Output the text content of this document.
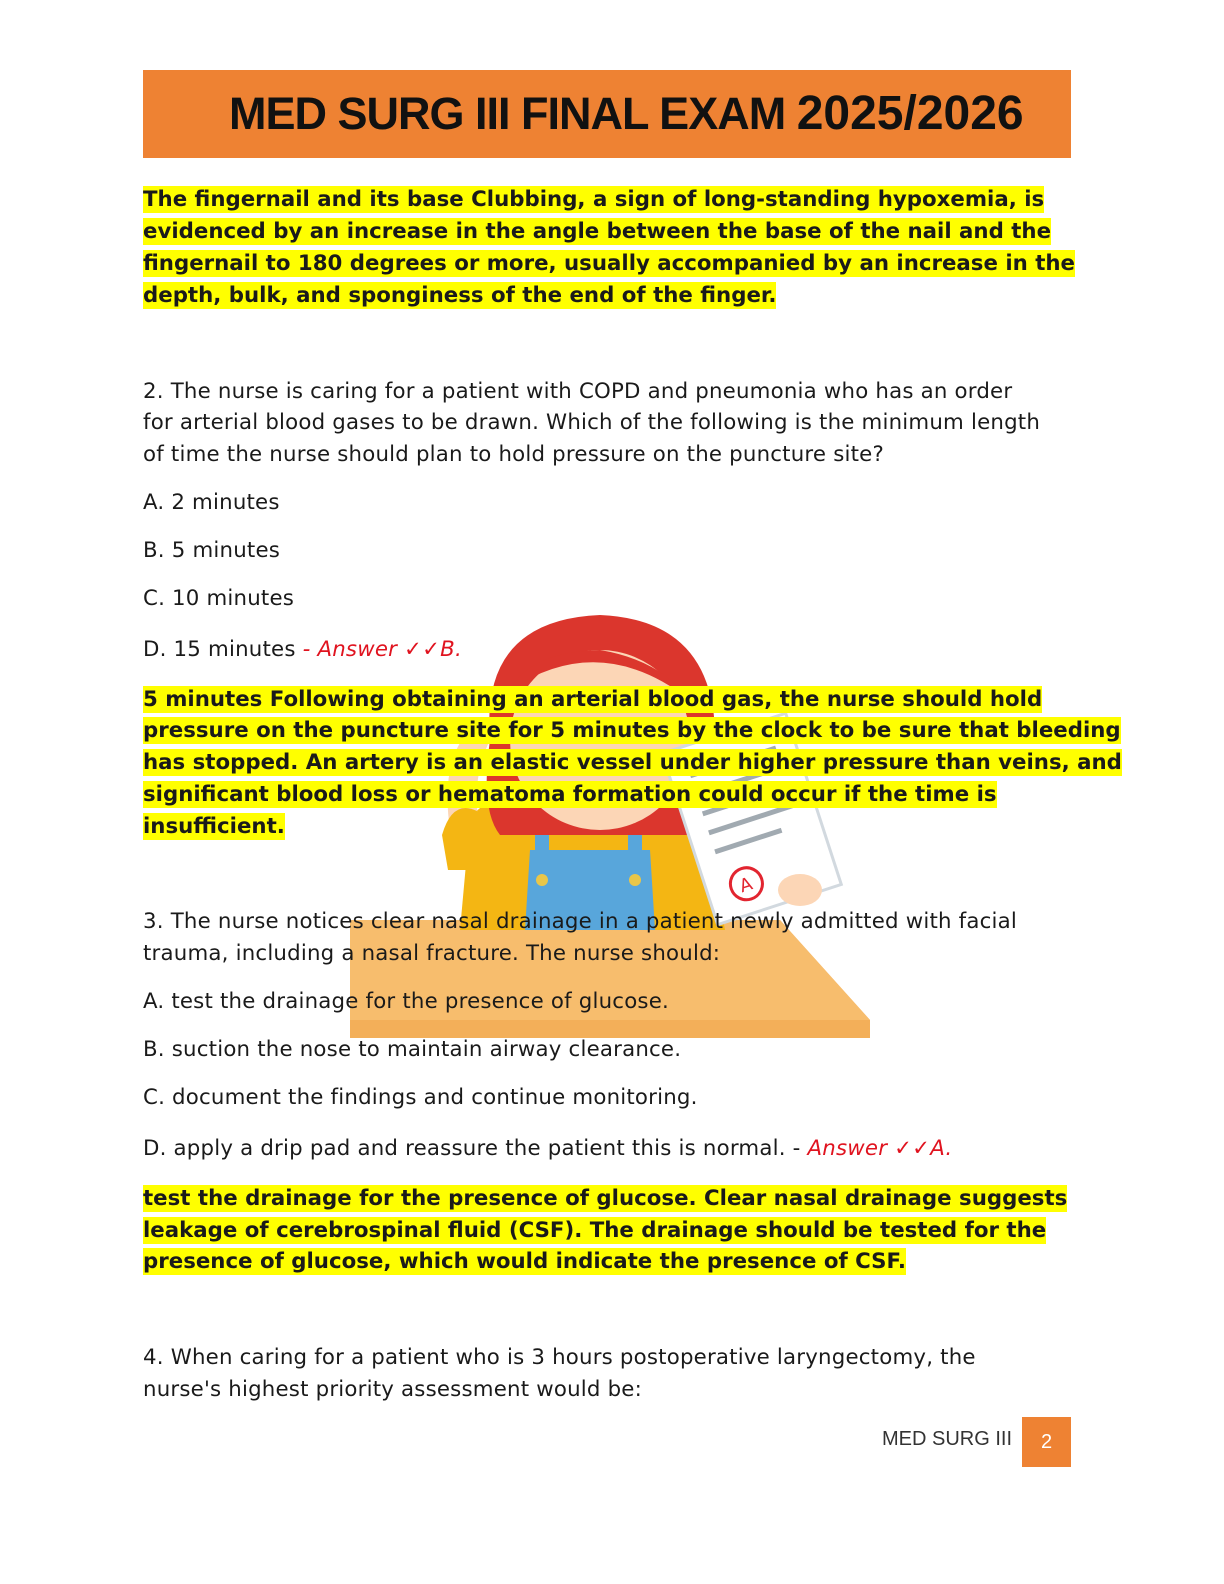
MED SURG III FINAL EXAM 2025/2026
A
The fingernail and its base Clubbing, a sign of long-standing hypoxemia, is
evidenced by an increase in the angle between the base of the nail and the
fingernail to 180 degrees or more, usually accompanied by an increase in the
depth, bulk, and sponginess of the end of the finger.
2. The nurse is caring for a patient with COPD and pneumonia who has an order
for arterial blood gases to be drawn. Which of the following is the minimum length
of time the nurse should plan to hold pressure on the puncture site?
A. 2 minutes
B. 5 minutes
C. 10 minutes
D. 15 minutes - Answer ✓✓B.
5 minutes Following obtaining an arterial blood gas, the nurse should hold
pressure on the puncture site for 5 minutes by the clock to be sure that bleeding
has stopped. An artery is an elastic vessel under higher pressure than veins, and
significant blood loss or hematoma formation could occur if the time is
insufficient.
3. The nurse notices clear nasal drainage in a patient newly admitted with facial
trauma, including a nasal fracture. The nurse should:
A. test the drainage for the presence of glucose.
B. suction the nose to maintain airway clearance.
C. document the findings and continue monitoring.
D. apply a drip pad and reassure the patient this is normal. - Answer ✓✓A.
test the drainage for the presence of glucose. Clear nasal drainage suggests
leakage of cerebrospinal fluid (CSF). The drainage should be tested for the
presence of glucose, which would indicate the presence of CSF.
4. When caring for a patient who is 3 hours postoperative laryngectomy, the
nurse's highest priority assessment would be:
MED SURG III	2
